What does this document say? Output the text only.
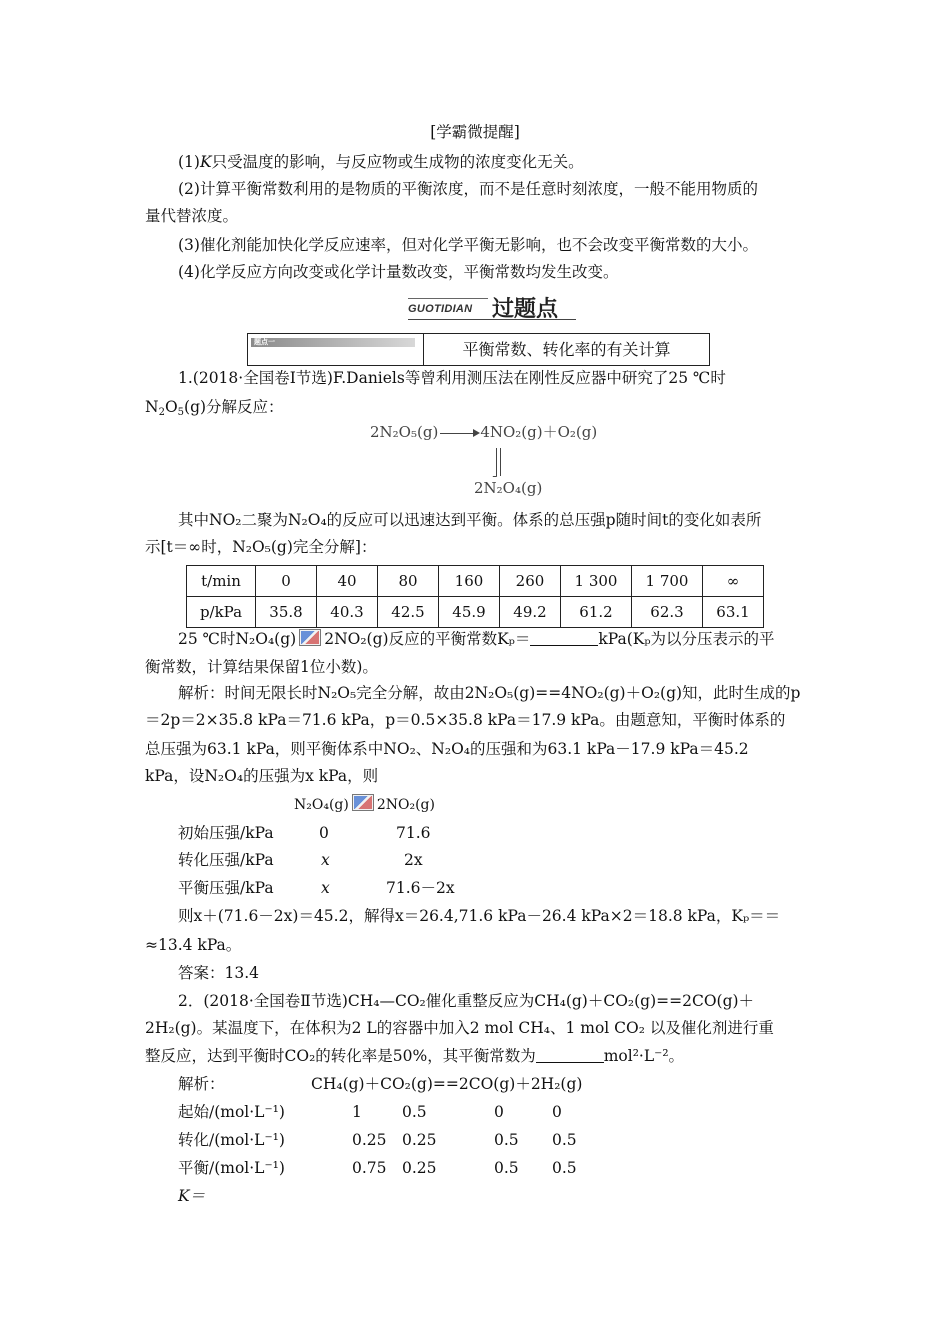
[学霸微提醒]
(1)K只受温度的影响，与反应物或生成物的浓度变化无关。
(2)计算平衡常数利用的是物质的平衡浓度，而不是任意时刻浓度，一般不能用物质的
量代替浓度。
(3)催化剂能加快化学反应速率，但对化学平衡无影响，也不会改变平衡常数的大小。
(4)化学反应方向改变或化学计量数改变，平衡常数均发生改变。
GUOTIDIAN 过题点
题点一	平衡常数、转化率的有关计算
1.(2018·全国卷Ⅰ节选)F.Daniels等曾利用测压法在刚性反应器中研究了25 ℃时
$N_2O_5(g)$分解反应：
2N₂O₅(g) → 4NO₂(g)＋O₂(g)
2N₂O₄(g)
其中NO₂二聚为N₂O₄的反应可以迅速达到平衡。体系的总压强p随时间t的变化如表所
示[t＝∞时，N₂O₅(g)完全分解]：
t/min	0	40	80	160	260	1 300	1 700	∞
p/kPa	35.8	40.3	42.5	45.9	49.2	61.2	62.3	63.1
25 ℃时N₂O₄(g) 2NO₂(g)反应的平衡常数Kₚ＝	kPa(Kₚ为以分压表示的平
衡常数，计算结果保留1位小数)。
解析：时间无限长时N₂O₅完全分解，故由2N₂O₅(g)==4NO₂(g)＋O₂(g)知，此时生成的p
＝2p＝2×35.8 kPa＝71.6 kPa，p＝0.5×35.8 kPa＝17.9 kPa。由题意知，平衡时体系的
总压强为63.1 kPa，则平衡体系中NO₂、N₂O₄的压强和为63.1 kPa－17.9 kPa＝45.2
kPa，设N₂O₄的压强为x kPa，则
N₂O₄(g) 2NO₂(g)
初始压强/kPa	0	71.6
转化压强/kPa	x	2x
平衡压强/kPa	x	71.6－2x
则x＋(71.6－2x)＝45.2，解得x＝26.4,71.6 kPa－26.4 kPa×2＝18.8 kPa，Kₚ＝＝
≈13.4 kPa。
答案：13.4
2．(2018·全国卷Ⅱ节选)CH₄—CO₂催化重整反应为CH₄(g)＋CO₂(g)==2CO(g)＋
2H₂(g)。某温度下，在体积为2 L的容器中加入2 mol CH₄、1 mol CO₂ 以及催化剂进行重
整反应，达到平衡时CO₂的转化率是50%，其平衡常数为	mol²·L⁻²。
解析：	CH₄(g)＋CO₂(g)==2CO(g)＋2H₂(g)
起始/(mol·L⁻¹)	1	0.5	0	0
转化/(mol·L⁻¹)	0.25 0.25	0.5 0.5
平衡/(mol·L⁻¹)	0.75 0.25	0.5 0.5
K＝
